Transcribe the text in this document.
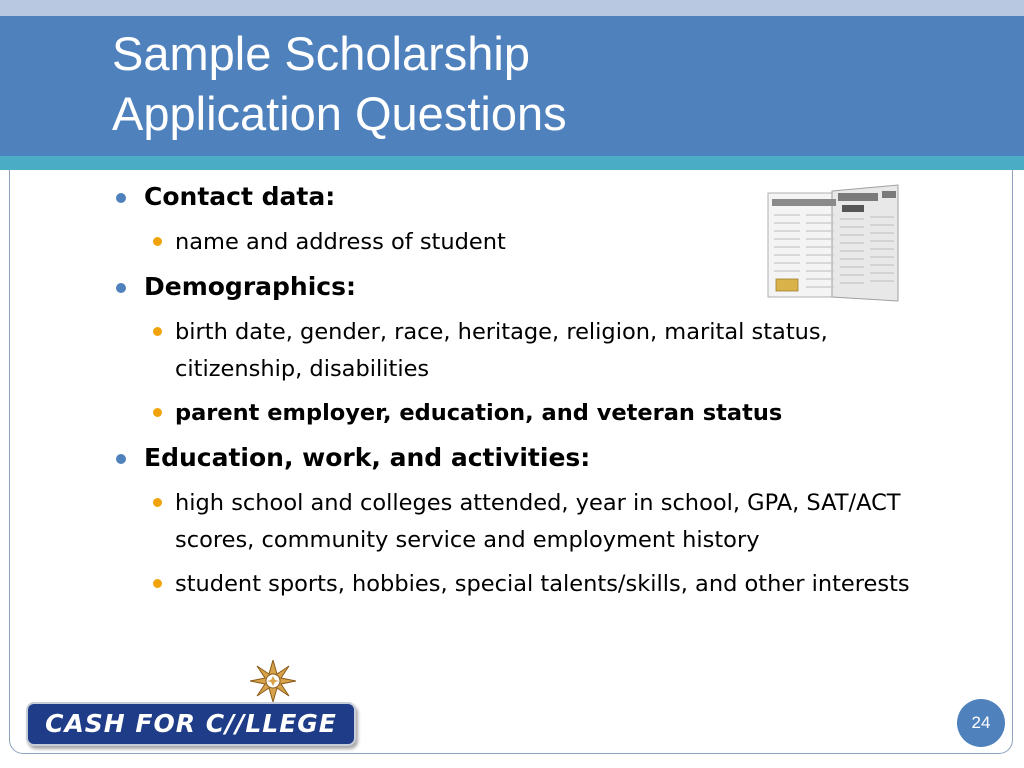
Sample Scholarship
Application Questions
Contact data:
name and address of student
Demographics:
birth date, gender, race, heritage, religion, marital status, citizenship, disabilities
parent employer, education, and veteran status
Education, work, and activities:
high school and colleges attended, year in school, GPA, SAT/ACT scores, community service and employment history
student sports, hobbies, special talents/skills, and other interests
CASH FOR C//LLEGE	24
